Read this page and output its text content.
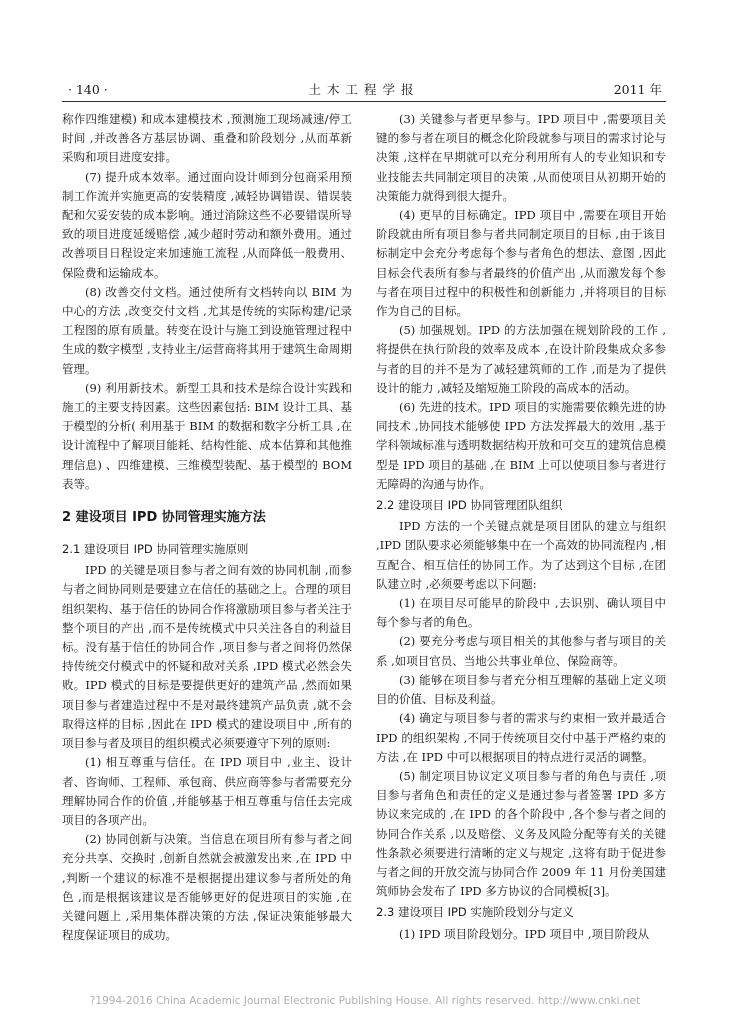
· 140 ·	土木工程学报	2011 年

称作四维建模) 和成本建模技术 ,预测施工现场减速/停工时间 ,并改善各方基层协调、重叠和阶段划分 ,从而革新采购和项目进度安排。

(7) 提升成本效率。通过面向设计师到分包商采用预制工作流并实施更高的安装精度 ,减轻协调错误、错误装配和欠妥安装的成本影响。通过消除这些不必要错误所导致的项目进度延缓赔偿 ,减少超时劳动和额外费用。通过改善项目日程设定来加速施工流程 ,从而降低一般费用、保险费和运输成本。

(8) 改善交付文档。通过使所有文档转向以 BIM 为中心的方法 ,改变交付文档 ,尤其是传统的实际构建/记录工程图的原有质量。转变在设计与施工到设施管理过程中生成的数字模型 ,支持业主/运营商将其用于建筑生命周期管理。

(9) 利用新技术。新型工具和技术是综合设计实践和施工的主要支持因素。这些因素包括: BIM 设计工具、基于模型的分析( 利用基于 BIM 的数据和数字分析工具 ,在设计流程中了解项目能耗、结构性能、成本估算和其他推理信息) 、四维建模、三维模型装配、基于模型的 BOM 表等。

2 建设项目 IPD 协同管理实施方法

2.1 建设项目 IPD 协同管理实施原则

IPD 的关键是项目参与者之间有效的协同机制 ,而参与者之间协同则是要建立在信任的基础之上。合理的项目组织架构、基于信任的协同合作将激励项目参与者关注于整个项目的产出 ,而不是传统模式中只关注各自的利益目标。没有基于信任的协同合作 ,项目参与者之间将仍然保持传统交付模式中的怀疑和敌对关系 ,IPD 模式必然会失败。IPD 模式的目标是要提供更好的建筑产品 ,然而如果项目参与者建造过程中不是对最终建筑产品负责 ,就不会取得这样的目标 ,因此在 IPD 模式的建设项目中 ,所有的项目参与者及项目的组织模式必须要遵守下列的原则:

(1) 相互尊重与信任。在 IPD 项目中 ,业主、设计者、咨询师、工程师、承包商、供应商等参与者需要充分理解协同合作的价值 ,并能够基于相互尊重与信任去完成项目的各项产出。

(2) 协同创新与决策。当信息在项目所有参与者之间充分共享、交换时 ,创新自然就会被激发出来 ,在 IPD 中 ,判断一个建议的标准不是根据提出建议参与者所处的角色 ,而是根据该建议是否能够更好的促进项目的实施 ,在关键问题上 ,采用集体群决策的方法 ,保证决策能够最大程度保证项目的成功。

(3) 关键参与者更早参与。IPD 项目中 ,需要项目关键的参与者在项目的概念化阶段就参与项目的需求讨论与决策 ,这样在早期就可以充分利用所有人的专业知识和专业技能去共同制定项目的决策 ,从而使项目从初期开始的决策能力就得到很大提升。

(4) 更早的目标确定。IPD 项目中 ,需要在项目开始阶段就由所有项目参与者共同制定项目的目标 ,由于该目标制定中会充分考虑每个参与者角色的想法、意图 ,因此目标会代表所有参与者最终的价值产出 ,从而激发每个参与者在项目过程中的积极性和创新能力 ,并将项目的目标作为自己的目标。

(5) 加强规划。IPD 的方法加强在规划阶段的工作 ,将提供在执行阶段的效率及成本 ,在设计阶段集成众多参与者的目的并不是为了减轻建筑师的工作 ,而是为了提供设计的能力 ,减轻及缩短施工阶段的高成本的活动。

(6) 先进的技术。IPD 项目的实施需要依赖先进的协同技术 ,协同技术能够使 IPD 方法发挥最大的效用 ,基于学科领域标准与透明数据结构开放和可交互的建筑信息模型是 IPD 项目的基础 ,在 BIM 上可以使项目参与者进行无障碍的沟通与协作。

2.2 建设项目 IPD 协同管理团队组织

IPD 方法的一个关键点就是项目团队的建立与组织 ,IPD 团队要求必须能够集中在一个高效的协同流程内 ,相互配合、相互信任的协同工作。为了达到这个目标 ,在团队建立时 ,必须要考虑以下问题:

(1) 在项目尽可能早的阶段中 ,去识别、确认项目中每个参与者的角色。

(2) 要充分考虑与项目相关的其他参与者与项目的关系 ,如项目官员、当地公共事业单位、保险商等。

(3) 能够在项目参与者充分相互理解的基础上定义项目的价值、目标及利益。

(4) 确定与项目参与者的需求与约束相一致并最适合 IPD 的组织架构 ,不同于传统项目交付中基于严格约束的方法 ,在 IPD 中可以根据项目的特点进行灵活的调整。

(5) 制定项目协议定义项目参与者的角色与责任 ,项目参与者角色和责任的定义是通过参与者签署 IPD 多方协议来完成的 ,在 IPD 的各个阶段中 ,各个参与者之间的协同合作关系 ,以及赔偿、义务及风险分配等有关的关键性条款必须要进行清晰的定义与规定 ,这将有助于促进参与者之间的开放交流与协同合作 2009 年 11 月份美国建筑师协会发布了 IPD 多方协议的合同模板[3]。

2.3 建设项目 IPD 实施阶段划分与定义

(1) IPD 项目阶段划分。IPD 项目中 ,项目阶段从

?1994-2016 China Academic Journal Electronic Publishing House. All rights reserved. http://www.cnki.net
